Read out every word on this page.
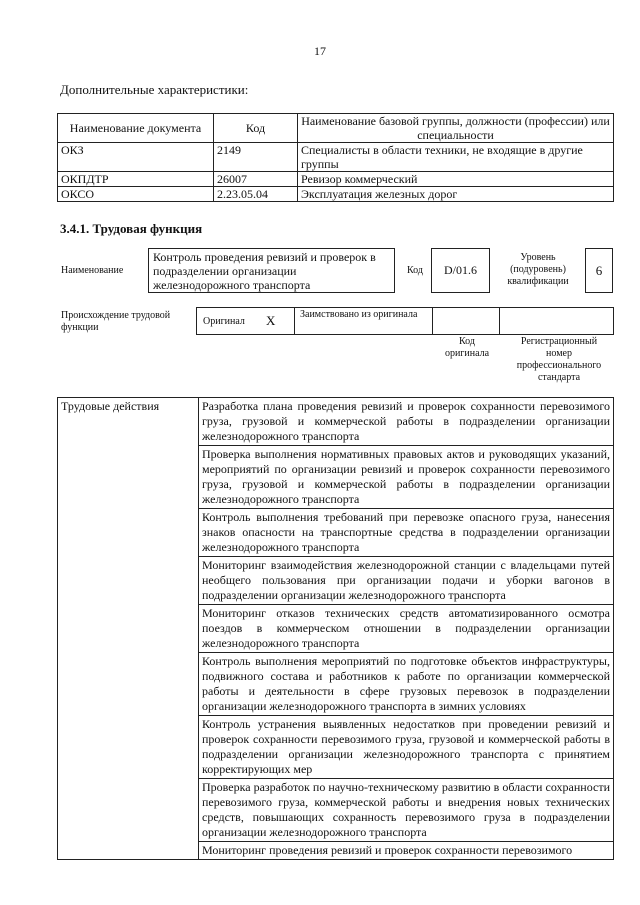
17
Дополнительные характеристики:
Наименование документа	Код	Наименование базовой группы, должности (профессии) или специальности
ОКЗ	2149	Специалисты в области техники, не входящие в другие группы
ОКПДТР	26007	Ревизор коммерческий
ОКСО	2.23.05.04	Эксплуатация железных дорог
3.4.1. Трудовая функция
Наименование
Контроль проведения ревизий и проверок в подразделении организации железнодорожного транспорта
Код	D/01.6
Уровень (подуровень) квалификации
6
Происхождение трудовой функции
Оригинал X Заимствовано из оригинала
Код оригинала
Регистрационный номер профессионального стандарта
Трудовые действия	Разработка плана проведения ревизий и проверок сохранности перевозимого груза, грузовой и коммерческой работы в подразделении организации железнодорожного транспорта
Проверка выполнения нормативных правовых актов и руководящих указаний, мероприятий по организации ревизий и проверок сохранности перевозимого груза, грузовой и коммерческой работы в подразделении организации железнодорожного транспорта
Контроль выполнения требований при перевозке опасного груза, нанесения знаков опасности на транспортные средства в подразделении организации железнодорожного транспорта
Мониторинг взаимодействия железнодорожной станции с владельцами путей необщего пользования при организации подачи и уборки вагонов в подразделении организации железнодорожного транспорта
Мониторинг отказов технических средств автоматизированного осмотра поездов в коммерческом отношении в подразделении организации железнодорожного транспорта
Контроль выполнения мероприятий по подготовке объектов инфраструктуры, подвижного состава и работников к работе по организации коммерческой работы и деятельности в сфере грузовых перевозок в подразделении организации железнодорожного транспорта в зимних условиях
Контроль устранения выявленных недостатков при проведении ревизий и проверок сохранности перевозимого груза, грузовой и коммерческой работы в подразделении организации железнодорожного транспорта с принятием корректирующих мер
Проверка разработок по научно-техническому развитию в области сохранности перевозимого груза, коммерческой работы и внедрения новых технических средств, повышающих сохранность перевозимого груза в подразделении организации железнодорожного транспорта
Мониторинг проведения ревизий и проверок сохранности перевозимого
